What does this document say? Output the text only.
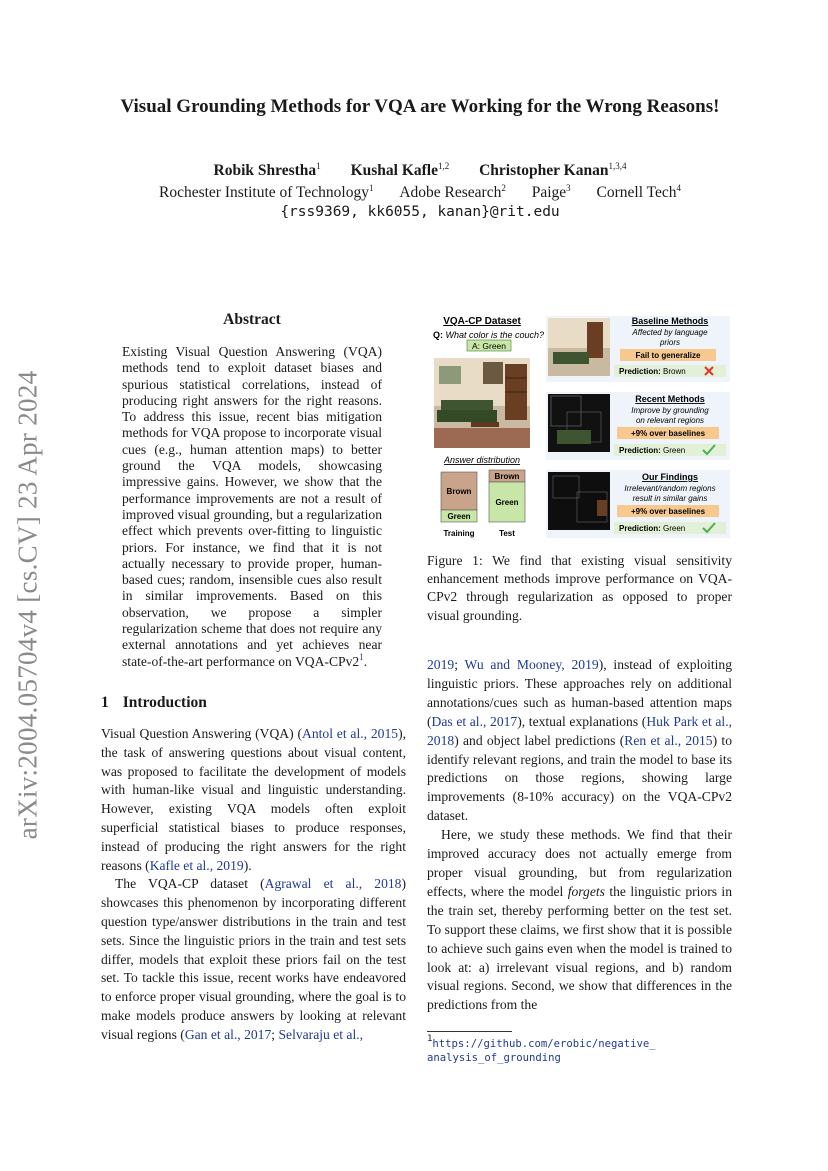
arXiv:2004.05704v4 [cs.CV] 23 Apr 2024
Visual Grounding Methods for VQA are Working for the Wrong Reasons!
Robik Shrestha$^1$ Kushal Kafle$^{1,2}$ Christopher Kanan$^{1,3,4}$
Rochester Institute of Technology$^1$ Adobe Research$^2$ Paige$^3$ Cornell Tech$^4$
{rss9369, kk6055, kanan}@rit.edu
Abstract
Existing Visual Question Answering (VQA) methods tend to exploit dataset biases and spurious statistical correlations, instead of producing right answers for the right reasons. To address this issue, recent bias mitigation methods for VQA propose to incorporate visual cues (e.g., human attention maps) to better ground the VQA models, showcasing impressive gains. However, we show that the performance improvements are not a result of improved visual grounding, but a regularization effect which prevents over-fitting to linguistic priors. For instance, we find that it is not actually necessary to provide proper, human-based cues; random, insensible cues also result in similar improvements. Based on this observation, we propose a simpler regularization scheme that does not require any external annotations and yet achieves near state-of-the-art performance on VQA-CPv2$^1$.
1 Introduction

Visual Question Answering (VQA) (Antol et al., 2015), the task of answering questions about visual content, was proposed to facilitate the development of models with human-like visual and linguistic understanding. However, existing VQA models often exploit superficial statistical biases to produce responses, instead of producing the right answers for the right reasons (Kafle et al., 2019).

The VQA-CP dataset (Agrawal et al., 2018) showcases this phenomenon by incorporating different question type/answer distributions in the train and test sets. Since the linguistic priors in the train and test sets differ, models that exploit these priors fail on the test set. To tackle this issue, recent works have endeavored to enforce proper visual grounding, where the goal is to make models produce answers by looking at relevant visual regions (Gan et al., 2017; Selvaraju et al.,

VQA-CP Dataset
Q: What color is the couch?
A: Green
Answer distribution
Brown
Green
Training
Brown
Green
Test
Baseline Methods
Affected by language
priors
Fail to generalize
Prediction: Brown
Recent Methods
Improve by grounding
on relevant regions
+9% over baselines
Prediction: Green
Our Findings
Irrelevant/random regions
result in similar gains
+9% over baselines
Prediction: Green
Figure 1: We find that existing visual sensitivity enhancement methods improve performance on VQA-CPv2 through regularization as opposed to proper visual grounding.

2019; Wu and Mooney, 2019), instead of exploiting linguistic priors. These approaches rely on additional annotations/cues such as human-based attention maps (Das et al., 2017), textual explanations (Huk Park et al., 2018) and object label predictions (Ren et al., 2015) to identify relevant regions, and train the model to base its predictions on those regions, showing large improvements (8-10% accuracy) on the VQA-CPv2 dataset.

Here, we study these methods. We find that their improved accuracy does not actually emerge from proper visual grounding, but from regularization effects, where the model forgets the linguistic priors in the train set, thereby performing better on the test set. To support these claims, we first show that it is possible to achieve such gains even when the model is trained to look at: a) irrelevant visual regions, and b) random visual regions. Second, we show that differences in the predictions from the

$^1$https://github.com/erobic/negative_
analysis_of_grounding
